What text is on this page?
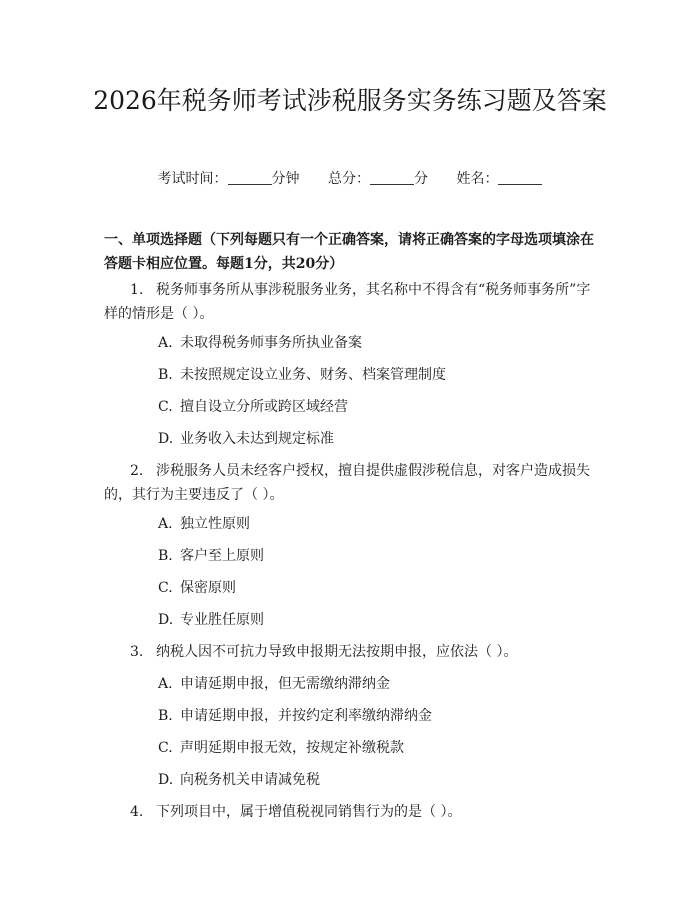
2026年税务师考试涉税服务实务练习题及答案
考试时间：	分钟 总分：	分 姓名：
一、单项选择题（下列每题只有一个正确答案，请将正确答案的字母选项填涂在答题卡相应位置。每题1分，共20分）
1. 税务师事务所从事涉税服务业务，其名称中不得含有“税务师事务所”字样的情形是（ ）。
A. 未取得税务师事务所执业备案
B. 未按照规定设立业务、财务、档案管理制度
C. 擅自设立分所或跨区域经营
D. 业务收入未达到规定标准
2. 涉税服务人员未经客户授权，擅自提供虚假涉税信息，对客户造成损失的，其行为主要违反了（ ）。
A. 独立性原则
B. 客户至上原则
C. 保密原则
D. 专业胜任原则
3. 纳税人因不可抗力导致申报期无法按期申报，应依法（ ）。
A. 申请延期申报，但无需缴纳滞纳金
B. 申请延期申报，并按约定利率缴纳滞纳金
C. 声明延期申报无效，按规定补缴税款
D. 向税务机关申请减免税
4. 下列项目中，属于增值税视同销售行为的是（ ）。
